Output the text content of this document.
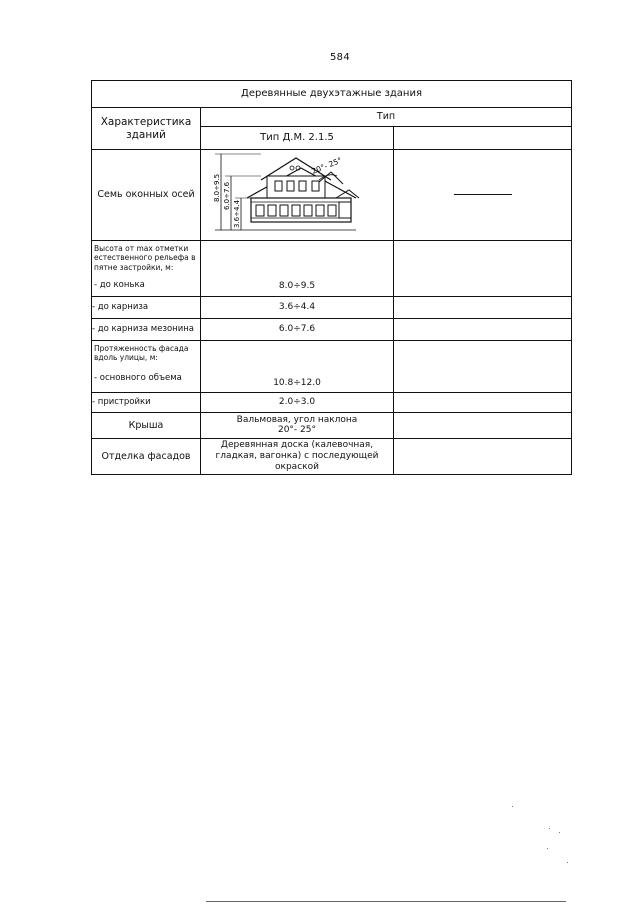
584
Деревянные двухэтажные здания		
Характеристика зданий	Тип	
	Тип Д.М. 2.1.5	
Семь оконных осей	8.0÷9.5 6.0÷7.6
3.6÷4.4
20°- 25°	

Высота от max отметки естественного рельефа в пятне застройки, м:
- до конька	8.0÷9.5	
- до карниза	3.6÷4.4	
- до карниза мезонина	6.0÷7.6	

Протяженность фасада вдоль улицы, м:
- основного объема	10.8÷12.0	
- пристройки	2.0÷3.0	
Крыша	Вальмовая, угол наклона 20°- 25°	
Отделка фасадов	Деревянная доска (калевочная, гладкая, вагонка) с последующей окраской	
